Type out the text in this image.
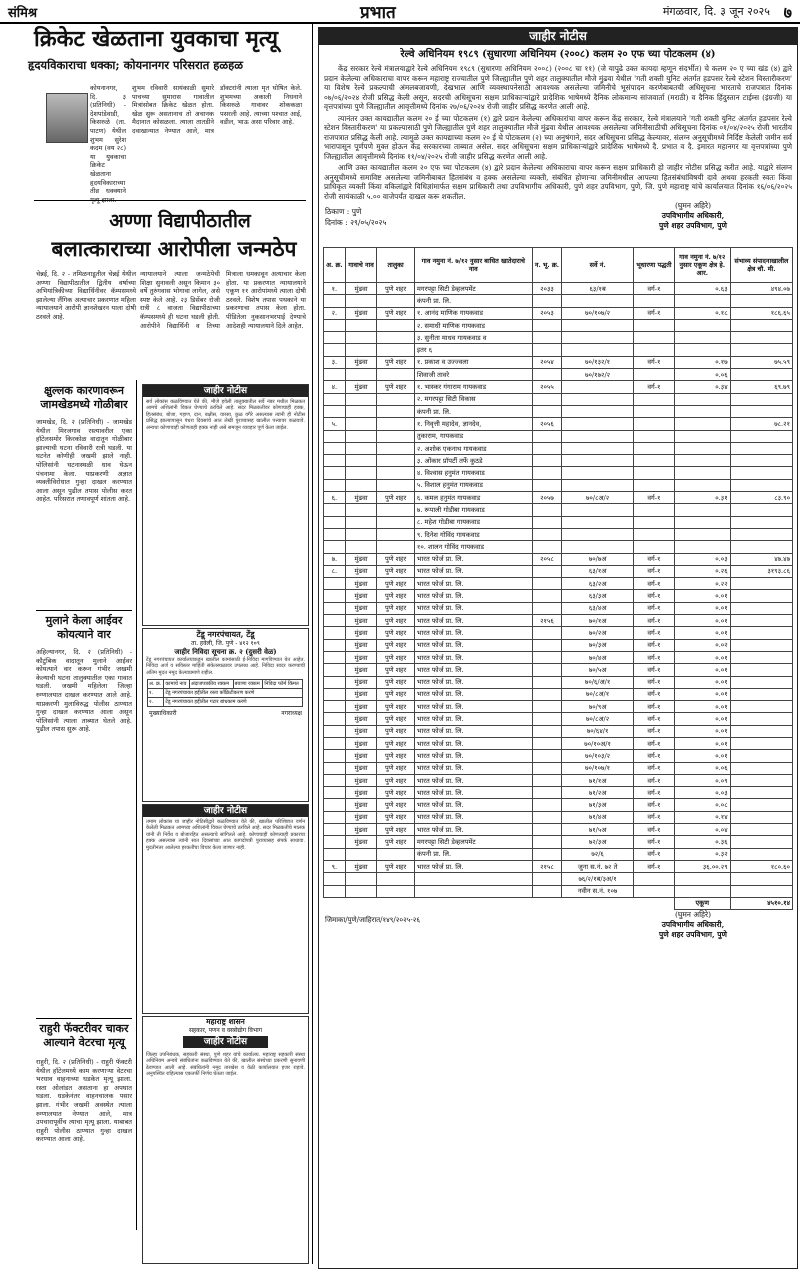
संमिश्र	प्रभात	मंगळवार, दि. ३ जून २०२५ ७
क्रिकेट खेळताना युवकाचा मृत्यू
हृदयविकाराचा धक्का; कोयनानगर परिसरात हळहळ
कोयनानगर, दि. ३ (प्रतिनिधी) - देशपांडेवाडी, किसरुळे (ता. पाटण) येथील शुभम सुरेश कदम (वय २८) या युवकाचा क्रिकेट खेळताना हृदयविकाराच्या तीव्र धक्क्याने
शुभम रविवारी सायंकाळी सुमारे पाचच्या सुमारास गावातील मित्रांसोबत क्रिकेट खेळत होता. खेळ सुरू असतानाच तो अचानक मैदानात कोसळला. त्याला तातडीने दवाखान्यात नेण्यात आले, मात्र डॉक्टरांनी त्याला मृत घोषित केले. शुभमच्या अकाली निधनाने किसरुळे गावावर शोककळा पसरली आहे. त्याच्या पश्चात आई, वडील, भाऊ असा परिवार आहे.
अण्णा विद्यापीठातील
बलात्काराच्या आरोपीला जन्मठेप
चेन्नई, दि. २ - तमिळनाडूतील चेन्नई येथील अण्णा विद्यापीठातील द्वितीय वर्षाच्या अभियांत्रिकीच्या विद्यार्थिनीवर कॅम्पसमध्ये झालेल्या लैंगिक अत्याचार प्रकरणात महिला न्यायालयाने आरोपी ज्ञानशेखरन याला दोषी ठरवले आहे.
न्यायालयाने त्याला जन्मठेपेची शिक्षा सुनावली असून किमान ३० वर्षे तुरुंगवास भोगावा लागेल, असे स्पष्ट केले आहे. २३ डिसेंबर रोजी रात्री ८ वाजता विद्यापीठाच्या कॅम्पसमध्ये ही घटना घडली होती. आरोपीने विद्यार्थिनी व तिच्या मित्राला धमकावून अत्याचार केला होता. या प्रकरणात न्यायालयाने एकूण ११ आरोपांमध्ये त्याला दोषी ठरवले. विशेष तपास पथकाने या प्रकरणाचा तपास केला होता. पीडितेला नुकसानभरपाई देण्याचे आदेशही न्यायालयाने दिले आहेत.
क्षुल्लक कारणावरून
जामखेडमध्ये गोळीबार
जामखेड, दि. २ (प्रतिनिधी) - जामखेड येथील मिरजगाव रस्त्यावरील एका हॉटेलसमोर किरकोळ वादातून गोळीबार झाल्याची घटना रविवारी रात्री घडली. या घटनेत कोणीही जखमी झाले नाही. पोलिसांनी घटनास्थळी धाव घेऊन पंचनामा केला. याप्रकरणी अज्ञात व्यक्तीविरोधात गुन्हा दाखल करण्यात आला असून पुढील तपास पोलीस करत आहेत. परिसरात तणावपूर्ण शांतता आहे.
मुलाने केला आईवर
कोयत्याने वार
अहिल्यानगर, दि. २ (प्रतिनिधी) - कौटुंबिक वादातून मुलाने आईवर कोयत्याने वार करून गंभीर जखमी केल्याची घटना तालुक्यातील एका गावात घडली. जखमी महिलेला जिल्हा रुग्णालयात दाखल करण्यात आले आहे. याप्रकरणी मुलाविरुद्ध पोलीस ठाण्यात गुन्हा दाखल करण्यात आला असून पोलिसांनी त्याला ताब्यात घेतले आहे. पुढील तपास सुरू आहे.
राहुरी फॅक्टरीवर चाकर
आल्याने वेटरचा मृत्यू
राहुरी, दि. २ (प्रतिनिधी) - राहुरी फॅक्टरी येथील हॉटेलमध्ये काम करणाऱ्या वेटरचा भरधाव वाहनाच्या धडकेत मृत्यू झाला. रस्ता ओलांडत असताना हा अपघात घडला. धडकेनंतर वाहनचालक पसार झाला. गंभीर जखमी अवस्थेत त्याला रुग्णालयात नेण्यात आले, मात्र उपचारापूर्वीच त्याचा मृत्यू झाला. याबाबत राहुरी पोलीस ठाण्यात गुन्हा दाखल करण्यात आला आहे.
जाहीर नोटीस
सर्व लोकांस कळविण्यात येते की, मौजे हवेली तालुक्यातील सर्वे नंबर मधील मिळकत आमचे अशिलांनी विकत घेण्याचे ठरविले आहे. सदर मिळकतीवर कोणाचाही हक्क, हितसंबंध, बोजा, गहाण, दान, बक्षीस, वारसा, कुळ वगैरे असल्यास त्यांनी ही नोटीस प्रसिद्ध झाल्यापासून पंधरा दिवसांचे आत लेखी पुराव्यासह खालील पत्त्यावर कळवावे. अन्यथा कोणाचाही कोणताही हक्क नाही असे समजून व्यवहार पूर्ण केला जाईल.
टेंडू नगरपंचायत, टेंडू
ता. हवेली, जि. पुणे - ४१२ १०९
जाहीर निविदा सूचना क्र. २ (दुसरी वेळ)
टेंडू नगरपंचायत कार्यालयाकडून खालील कामांसाठी ई-निविदा मागविण्यात येत आहेत. निविदा अर्ज व सविस्तर माहिती संकेतस्थळावर उपलब्ध आहे. निविदा सादर करण्याची अंतिम मुदत नमूद केल्याप्रमाणे राहील.
अ. क्र.	कामाचे नाव	अंदाजपत्रकीय रक्कम	बयाणा रक्कम	निविदा फॉर्म किंमत
१.	टेंडू नगरपंचायत हद्दीतील रस्ता काँक्रिटीकरण करणे			
२.	टेंडू नगरपंचायत हद्दीतील गटार बांधकाम करणे			
मुख्याधिकारी	नगराध्यक्ष
जाहीर नोटीस
तमाम लोकांस या जाहीर नोटिसीद्वारे कळविण्यात येते की, खालील परिशिष्टात वर्णन केलेली मिळकत आमच्या अशिलांनी विकत घेण्याचे ठरविले आहे. सदर मिळकतीचे मालक यांनी ती निर्वेध व बोजारहित असल्याचे सांगितले आहे. कोणाचाही कोणत्याही प्रकारचा हक्क असल्यास त्यांनी सात दिवसांच्या आत कागदोपत्री पुराव्यासह संपर्क साधावा. मुदतीनंतर आलेल्या हरकतींचा विचार केला जाणार नाही.
महाराष्ट्र शासन
सहकार, पणन व वस्त्रोद्योग विभाग
जाहीर नोटीस
जिल्हा उपनिबंधक, सहकारी संस्था, पुणे शहर यांचे कार्यालय. महाराष्ट्र सहकारी संस्था अधिनियम अन्वये संबंधितांना कळविण्यात येते की, खालील संस्थेच्या प्रकरणी सुनावणी ठेवण्यात आली आहे. संबंधितांनी नमूद तारखेस व वेळी कार्यालयात हजर राहावे. अनुपस्थित राहिल्यास एकतर्फी निर्णय घेतला जाईल.
जाहीर नोटीस
रेल्वे अधिनियम १९८९ (सुधारणा अधिनियम (२००८) कलम २० एफ च्या पोटकलम (४)
केंद्र सरकार रेल्वे मंत्रालयाद्वारे रेल्वे अधिनियम १९८९ (सुधारणा अधिनियम २००८) (२००८ चा ११) (जे यापुढे उक्त कायदा म्हणून संदर्भीत) चे कलम २० ए च्या खंड (४) द्वारे प्रदान केलेल्या अधिकाराचा वापर करून महाराष्ट्र राज्यातील पुणे जिल्ह्यातील पुणे शहर तालुक्यातील मौजे मुंढवा येथील 'गती शक्ती युनिट अंतर्गत हडपसर रेल्वे स्टेशन विस्तारीकरण' या विशेष रेल्वे प्रकल्पाची अंमलबजावणी, देखभाल आणि व्यवस्थापनेसाठी आवश्यक असलेल्या जमिनीचे भूसंपादन करणेबाबतची अधिसूचना भारताचे राजपत्रात दिनांक ०७/०६/२०२४ रोजी प्रसिद्ध केली असून, सदरची अधिसूचना सक्षम प्राधिकाऱ्यांद्वारे प्रादेशिक भाषेमध्ये दैनिक लोकमान्य सांजवार्ता (मराठी) व दैनिक हिंदुस्तान टाईम्स (इंग्रजी) या वृत्तपत्रांच्या पुणे जिल्ह्यातील आवृत्तीमध्ये दिनांक २७/०६/२०२४ रोजी जाहीर प्रसिद्ध करणेत आली आहे.
त्यानंतर उक्त कायद्यातील कलम २० ई च्या पोटकलम (१) द्वारे प्रदान केलेल्या अधिकारांचा वापर करून केंद्र सरकार, रेल्वे मंत्रालयाने 'गती शक्ती युनिट अंतर्गत हडपसर रेल्वे स्टेशन विस्तारीकरण' या प्रकल्पासाठी पुणे जिल्ह्यातील पुणे शहर तालुक्यातील मौजे मुंढवा येथील आवश्यक असलेल्या जमिनीसाठीची अधिसूचना दिनांक ०१/०४/२०२५ रोजी भारतीय राजपत्रात प्रसिद्ध केली आहे. त्यामुळे उक्त कायद्याच्या कलम २० ई चे पोटकलम (२) च्या अनुषंगाने, सदर अधिसूचना प्रसिद्ध केल्यावर, संलग्न अनुसूचीमध्ये निर्दिष्ट केलेली जमीन सर्व भारापासून पूर्णपणे मुक्त होऊन केंद्र सरकारच्या ताब्यात असेल. सदर अधिसूचना सक्षम प्राधिकाऱ्यांद्वारे प्रादेशिक भाषेमध्ये दै. प्रभात व दै. इमारत महानगर या वृत्तपत्रांच्या पुणे जिल्ह्यातील आवृत्तीमध्ये दिनांक ११/०४/२०२५ रोजी जाहीर प्रसिद्ध करणेत आली आहे.
आणि उक्त कायद्यातील कलम २० एफ च्या पोटकलम (४) द्वारे प्रदान केलेल्या अधिकाराचा वापर करून सक्षम प्राधिकारी हो जाहीर नोटीस प्रसिद्ध करीत आहे. याद्वारे संलग्न अनुसूचीमध्ये समाविष्ट असलेल्या जमिनीबाबत हितसंबंध व हक्क असलेल्या व्यक्ती, संबंधित होणाऱ्या जमिनीमधील आपल्या हितसंबंधांविषयी दावे अथवा हरकती स्वतः किंवा प्राधिकृत व्यक्ती किंवा वकिलांद्वारे विधिज्ञांमार्फत सक्षम प्राधिकारी तथा उपविभागीय अधिकारी, पुणे शहर उपविभाग, पुणे, जि. पुणे महाराष्ट्र यांचे कार्यालयात दिनांक १६/०६/२०२५ रोजी सायंकाळी ५.०० वाजेपर्यंत दाखल करू शकतील.
ठिकाण : पुणे
दिनांक : २९/०५/२०२५
(घुमन अहिरे)
उपविभागीय अधिकारी,
पुणे शहर उपविभाग, पुणे
अ. क्र.	गावाचे नाव	तालुका	गाव नमुना नं. ७/१२ नुसार बाधित खातेदाराचे नाव	न. भू. क्र.	सर्वे नं.	भूधारणा पद्धती	गाव नमुना नं. ७/१२ नुसार एकूण क्षेत्र हे. आर.	संभाव्य संपादनाखालील क्षेत्र चौ. मी.
१.	मुंढवा	पुणे शहर	मगरपट्टा सिटी डेव्हलपमेंट	२०३३	६३/१ब	वर्ग-१	०.६३	४९४.०७
			कंपनी प्रा. लि.					
२.	मुंढवा	पुणे शहर	१. आनंद माणिक गायकवाड	२०५३	७०/१०७/२	वर्ग-१	०.१८	१८६.६५
			२. समाधी माणिक गायकवाड					
			३. सुनीता माधव गायकवाड व					
			इतर ६					
३.	मुंढवा	पुणे शहर	१. प्रकाश व उज्ज्वला	२०५४	७०/१३२/१	वर्ग-१	०.१७	७५.५९
			शिवाजी तावरे		७०/१७२/२		०.०६	
४.	मुंढवा	पुणे शहर	१. भास्कर गंगाराम गायकवाड	२०५५		वर्ग-१	०.३४	६९.७९
			२. मगरपट्टा सिटी विकास					
			कंपनी प्रा. लि.					
५.			१. निवृत्ती महादेव, ज्ञानदेव,	२०५६				७८.२१
			तुकाराम, गायकवाड					
			२. अशोक एकनाथ गायकवाड					
			३. ओंकार प्रॉपर्टी तर्फे कुठडे					
			४. विश्वास हनुमंत गायकवाड					
			५. विशाल हनुमंत गायकवाड					
६.	मुंढवा	पुणे शहर	६. कमल हनुमंत गायकवाड	२०५७	७०/८अ/२	वर्ग-१	०.३१	८३.९०
			७. रूपाली गोडीबा गायकवाड					
			८. महेश गोडीबा गायकवाड					
			९. दिनेश गोविंद गायकवाड					
			१०. शालन गोविंद गायकवाड					
७.	मुंढवा	पुणे शहर	भारत फोर्ज प्रा. लि.	२०५८	७०/७अ	वर्ग-१	०.०३	४७.४७
८.	मुंढवा	पुणे शहर	भारत फोर्ज प्रा. लि.		६३/१अ	वर्ग-१	०.२६	३१९३.८६
	मुंढवा	पुणे शहर	भारत फोर्ज प्रा. लि.		६३/२अ	वर्ग-१	०.२२	
	मुंढवा	पुणे शहर	भारत फोर्ज प्रा. लि.		६३/३अ	वर्ग-१	०.०१	
	मुंढवा	पुणे शहर	भारत फोर्ज प्रा. लि.		६३/४अ	वर्ग-१	०.०१	
	मुंढवा	पुणे शहर	भारत फोर्ज प्रा. लि.	२१५६	७०/१अ	वर्ग-१	०.०१	
	मुंढवा	पुणे शहर	भारत फोर्ज प्रा. लि.		७०/२अ	वर्ग-१	०.०१	
	मुंढवा	पुणे शहर	भारत फोर्ज प्रा. लि.		७०/३अ	वर्ग-१	०.०२	
	मुंढवा	पुणे शहर	भारत फोर्ज प्रा. लि.		७०/४अ	वर्ग-१	०.०१	
	मुंढवा	पुणे शहर	भारत फोर्ज प्रा. लि.		७०/५अ	वर्ग-१	०.०१	
	मुंढवा	पुणे शहर	भारत फोर्ज प्रा. लि.		७०/६/अ/१	वर्ग-१	०.०१	
	मुंढवा	पुणे शहर	भारत फोर्ज प्रा. लि.		७०/८अ/१	वर्ग-१	०.०१	
	मुंढवा	पुणे शहर	भारत फोर्ज प्रा. लि.		७०/९अ	वर्ग-१	०.०१	
	मुंढवा	पुणे शहर	भारत फोर्ज प्रा. लि.		७०/८अ/२	वर्ग-१	०.०१	
	मुंढवा	पुणे शहर	भारत फोर्ज प्रा. लि.		७०/६४/१	वर्ग-१	०.०१	
	मुंढवा	पुणे शहर	भारत फोर्ज प्रा. लि.		७०/१०अ/१	वर्ग-१	०.०१	
	मुंढवा	पुणे शहर	भारत फोर्ज प्रा. लि.		७०/१०३/२	वर्ग-१	०.०१	
	मुंढवा	पुणे शहर	भारत फोर्ज प्रा. लि.		७०/१०७/१	वर्ग-१	०.०६	
	मुंढवा	पुणे शहर	भारत फोर्ज प्रा. लि.		७१/१अ	वर्ग-१	०.०९	
	मुंढवा	पुणे शहर	भारत फोर्ज प्रा. लि.		७१/२अ	वर्ग-१	०.०३	
	मुंढवा	पुणे शहर	भारत फोर्ज प्रा. लि.		७१/३अ	वर्ग-१	०.०८	
	मुंढवा	पुणे शहर	भारत फोर्ज प्रा. लि.		७१/४अ	वर्ग-१	०.१४	
	मुंढवा	पुणे शहर	भारत फोर्ज प्रा. लि.		७१/५अ	वर्ग-१	०.०४	
	मुंढवा	पुणे शहर	मगरपट्टा सिटी डेव्हलपमेंट		७२/३अ	वर्ग-१	०.३६	
			कंपनी प्रा. लि.		७२/६	वर्ग-१	०.३२	
९.	मुंढवा	पुणे शहर	भारत फोर्ज प्रा. लि.	२१५८	जुना स.नं. ७२ ते	वर्ग-१	३६.००.२९	१८०.६०
					७६/२/१ब/३अ/१			
					नवीन स.नं. १०७			
							एकूण	४५१०.१४
जिमाका/पुणे/जाहिरात/१४९/२०२५-२६
(घुमन अहिरे)
उपविभागीय अधिकारी,
पुणे शहर उपविभाग, पुणे
